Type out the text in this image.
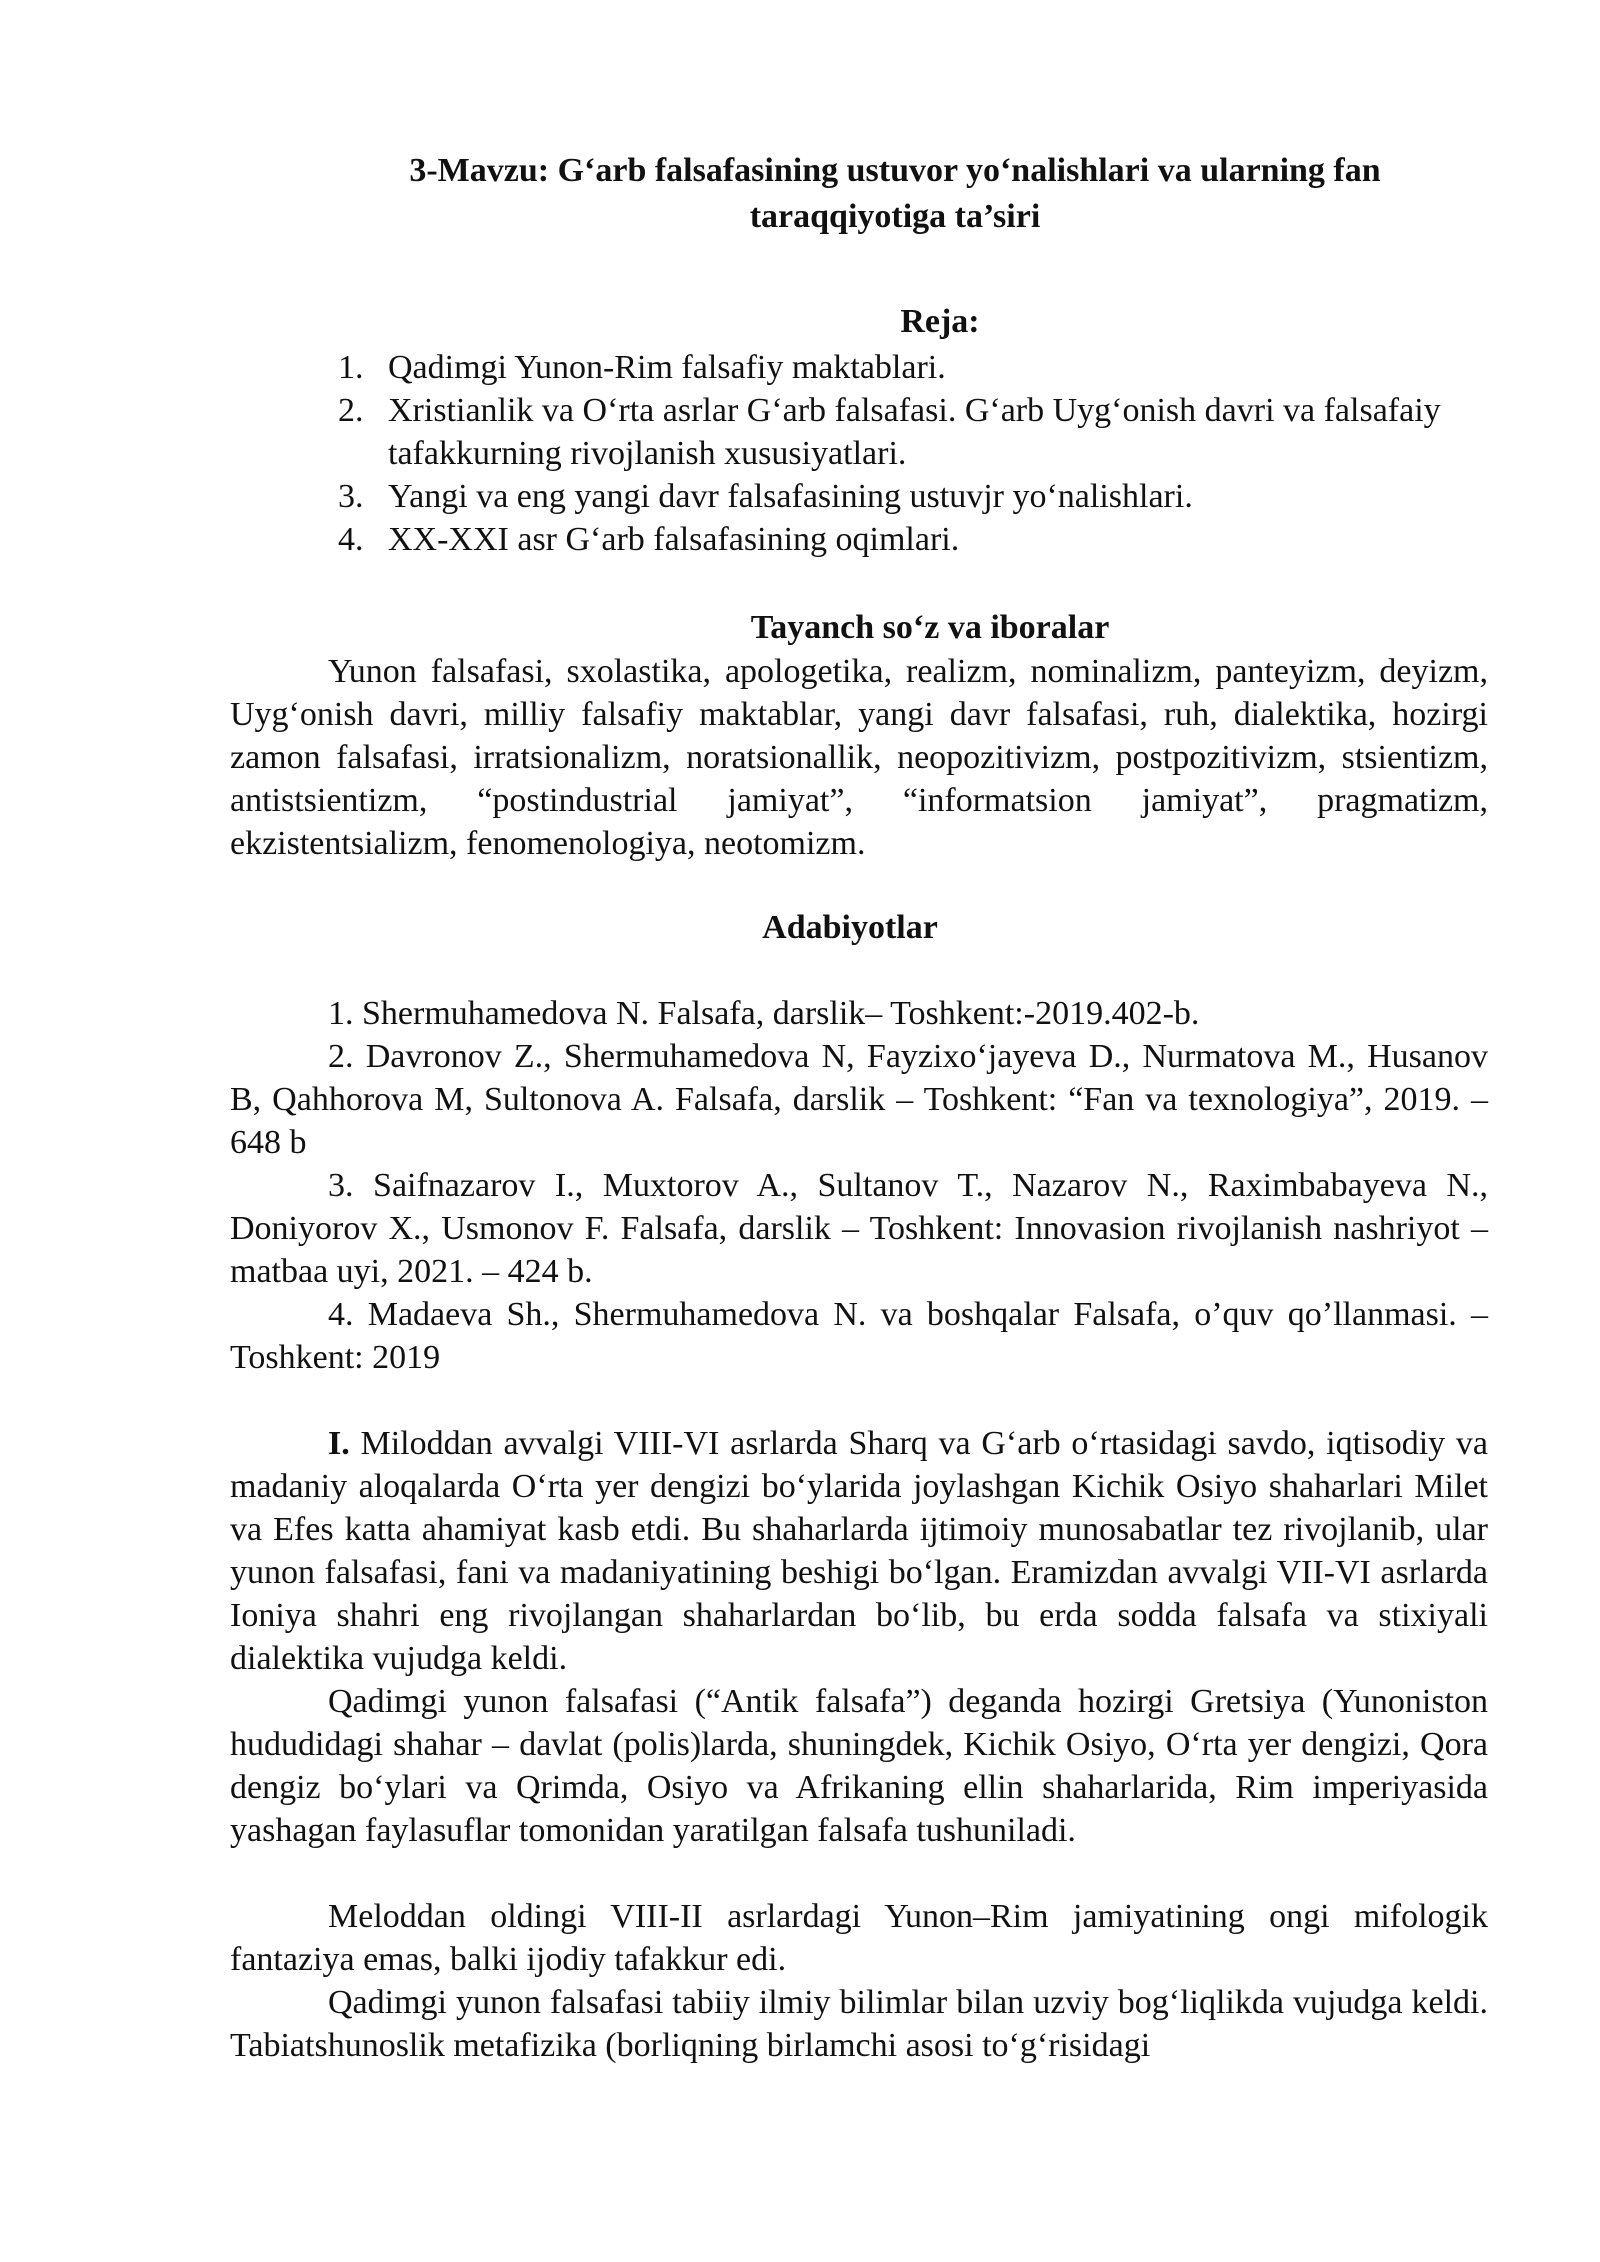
3-Mavzu: G‘arb falsafasining ustuvor yo‘nalishlari va ularning fan
taraqqiyotiga ta’siri
Reja:
1. Qadimgi Yunon-Rim falsafiy maktablari.
2. Xristianlik va O‘rta asrlar G‘arb falsafasi. G‘arb Uyg‘onish davri va falsafaiy tafakkurning rivojlanish xususiyatlari.
3. Yangi va eng yangi davr falsafasining ustuvjr yo‘nalishlari.
4. XX-XXI asr G‘arb falsafasining oqimlari.
Tayanch so‘z va iboralar

Yunon falsafasi, sxolastika, apologetika, realizm, nominalizm, panteyizm, deyizm, Uyg‘onish davri, milliy falsafiy maktablar, yangi davr falsafasi, ruh, dialektika, hozirgi zamon falsafasi, irratsionalizm, noratsionallik, neopozitivizm, postpozitivizm, stsientizm, antistsientizm, “postindustrial jamiyat”, “informatsion jamiyat”, pragmatizm, ekzistentsializm, fenomenologiya, neotomizm.

Adabiyotlar

1. Shermuhamedova N. Falsafa, darslik– Toshkent:-2019.402-b.

2. Davronov Z., Shermuhamedova N, Fayzixo‘jayeva D., Nurmatova M., Husanov B, Qahhorova M, Sultonova A. Falsafa, darslik – Toshkent: “Fan va texnologiya”, 2019. – 648 b

3. Saifnazarov I., Muxtorov A., Sultanov T., Nazarov N., Raximbabayeva N., Doniyorov X., Usmonov F. Falsafa, darslik – Toshkent: Innovasion rivojlanish nashriyot –matbaa uyi, 2021. – 424 b.

4. Madaeva Sh., Shermuhamedova N. va boshqalar Falsafa, o’quv qo’llanmasi. –Toshkent: 2019

I. Miloddan avvalgi VIII-VI asrlarda Sharq va G‘arb o‘rtasidagi savdo, iqtisodiy va madaniy aloqalarda O‘rta yer dengizi bo‘ylarida joylashgan Kichik Osiyo shaharlari Milet va Efes katta ahamiyat kasb etdi. Bu shaharlarda ijtimoiy munosabatlar tez rivojlanib, ular yunon falsafasi, fani va madaniyatining beshigi bo‘lgan. Eramizdan avvalgi VII-VI asrlarda Ioniya shahri eng rivojlangan shaharlardan bo‘lib, bu erda sodda falsafa va stixiyali dialektika vujudga keldi.

Qadimgi yunon falsafasi (“Antik falsafa”) deganda hozirgi Gretsiya (Yunoniston hududidagi shahar – davlat (polis)larda, shuningdek, Kichik Osiyo, O‘rta yer dengizi, Qora dengiz bo‘ylari va Qrimda, Osiyo va Afrikaning ellin shaharlarida, Rim imperiyasida yashagan faylasuflar tomonidan yaratilgan falsafa tushuniladi.

Meloddan oldingi VIII-II asrlardagi Yunon–Rim jamiyatining ongi mifologik fantaziya emas, balki ijodiy tafakkur edi.

Qadimgi yunon falsafasi tabiiy ilmiy bilimlar bilan uzviy bog‘liqlikda vujudga keldi. Tabiatshunoslik metafizika (borliqning birlamchi asosi to‘g‘risidagi
